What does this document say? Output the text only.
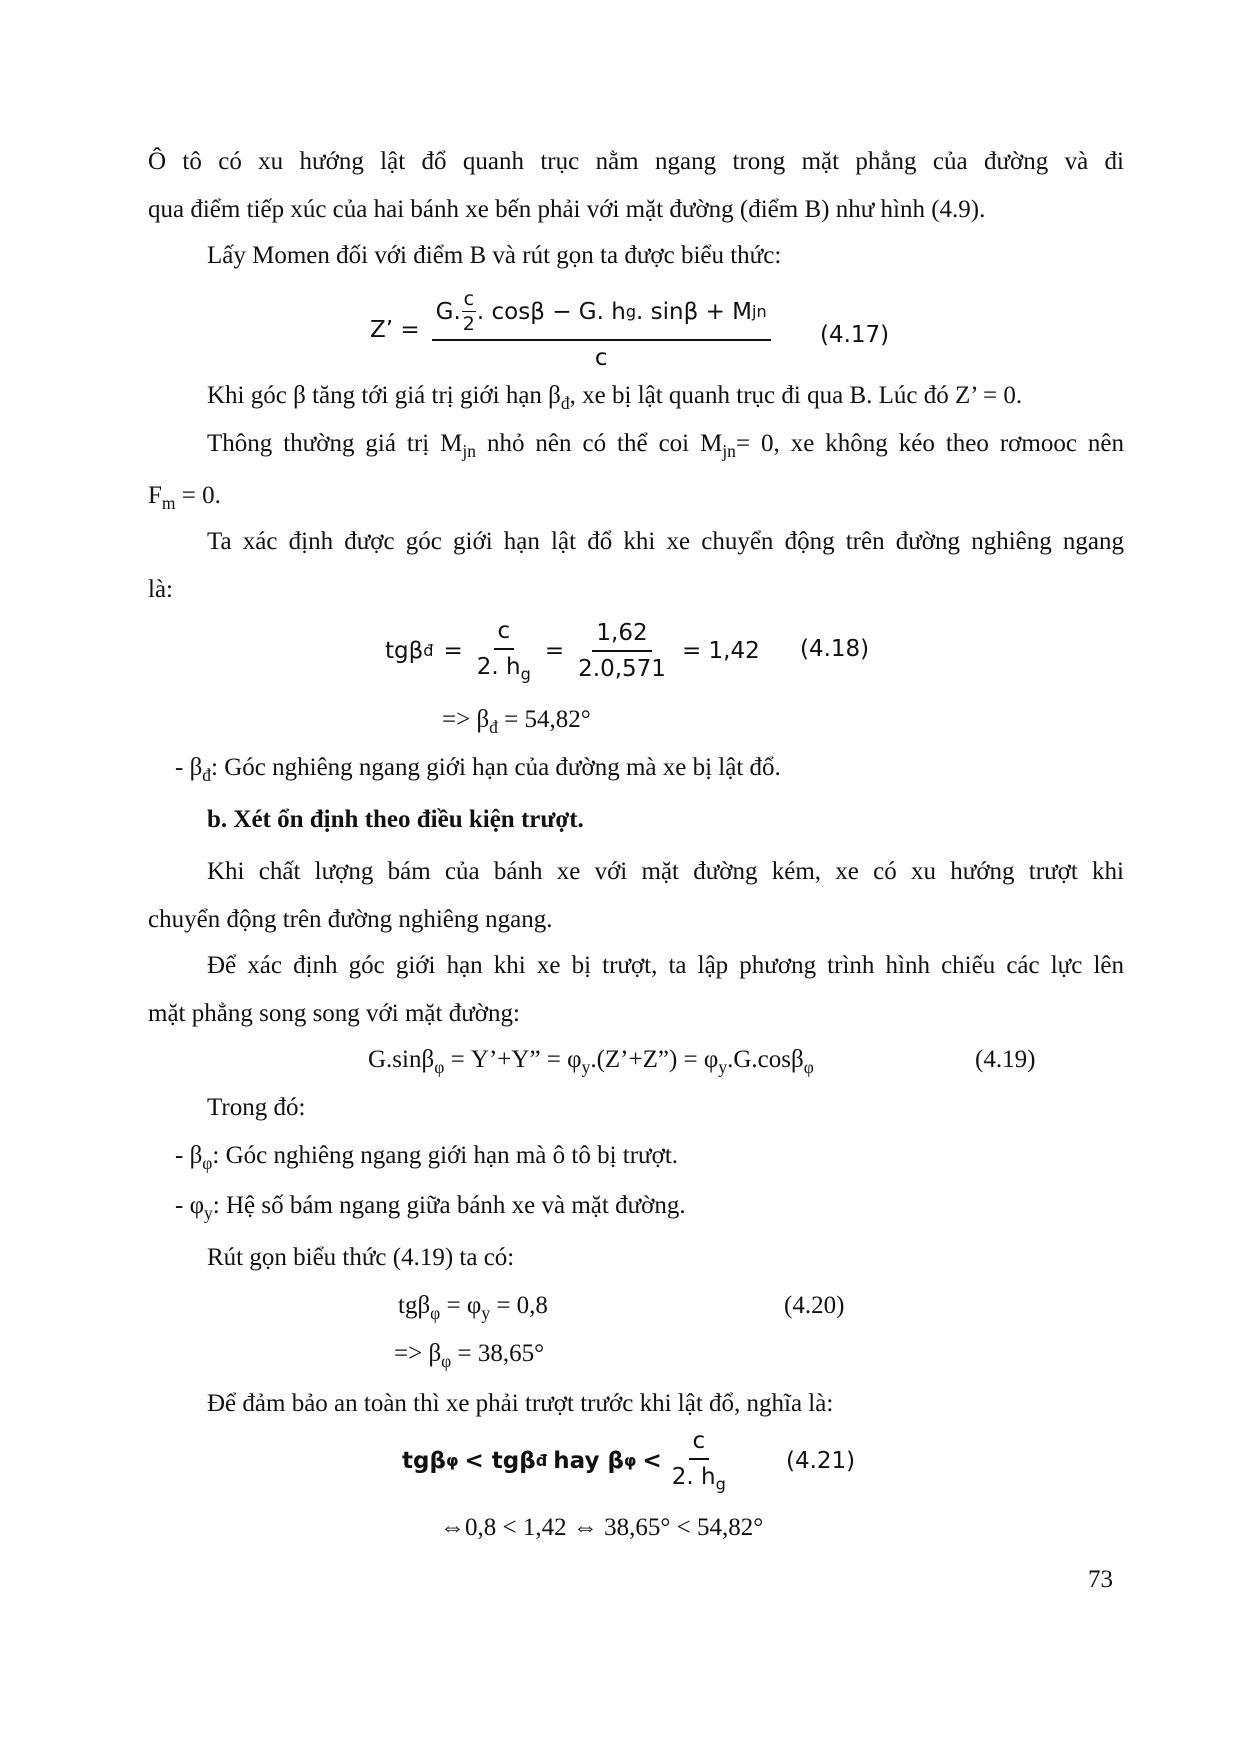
Ô tô có xu hướng lật đổ quanh trục nằm ngang trong mặt phẳng của đường và đi
qua điểm tiếp xúc của hai bánh xe bến phải với mặt đường (điểm B) như hình (4.9).
Lấy Momen đối với điểm B và rút gọn ta được biểu thức:
Z’ =
G. $\frac{c}{2}$ . cosβ − G. h g . sinβ + M jn
c
(4.17)
Khi góc β tăng tới giá trị giới hạn $\beta_đ$, xe bị lật quanh trục đi qua B. Lúc đó Z’ = 0.
Thông thường giá trị $M_{jn}$ nhỏ nên có thể coi $M_{jn}= 0$, xe không kéo theo rơmooc nên
$F_m = 0$.
Ta xác định được góc giới hạn lật đổ khi xe chuyển động trên đường nghiêng ngang
là:
tgβ đ = $\frac{c}{2. h_g} = \frac{1,62}{2.0,571} = 1,42$ (4.18)
=> $\beta_đ = 54,82^\circ$
- $\beta_đ$: Góc nghiêng ngang giới hạn của đường mà xe bị lật đổ.
b. Xét ổn định theo điều kiện trượt.
Khi chất lượng bám của bánh xe với mặt đường kém, xe có xu hướng trượt khi
chuyển động trên đường nghiêng ngang.
Để xác định góc giới hạn khi xe bị trượt, ta lập phương trình hình chiếu các lực lên
mặt phẳng song song với mặt đường:
G.sinβ$_\varphi$ = Y’+Y” = $\varphi_y.(Z’+Z”) = \varphi_y.G.\cos\beta_\varphi$	(4.19)
Trong đó:
- $\beta_\varphi$: Góc nghiêng ngang giới hạn mà ô tô bị trượt.
- $\varphi_y$: Hệ số bám ngang giữa bánh xe và mặt đường.
Rút gọn biểu thức (4.19) ta có:
$tg\beta_\varphi = \varphi_y = 0,8$	(4.20)
=> $\beta_\varphi = 38,65^\circ$
Để đảm bảo an toàn thì xe phải trượt trước khi lật đổ, nghĩa là:
tgβ φ < tgβ đ hay β $\varphi < \frac{c}{2. h_g} (4.21)$
⇔0,8 < 1,42 ⇔ 38,65° < 54,82°
73
